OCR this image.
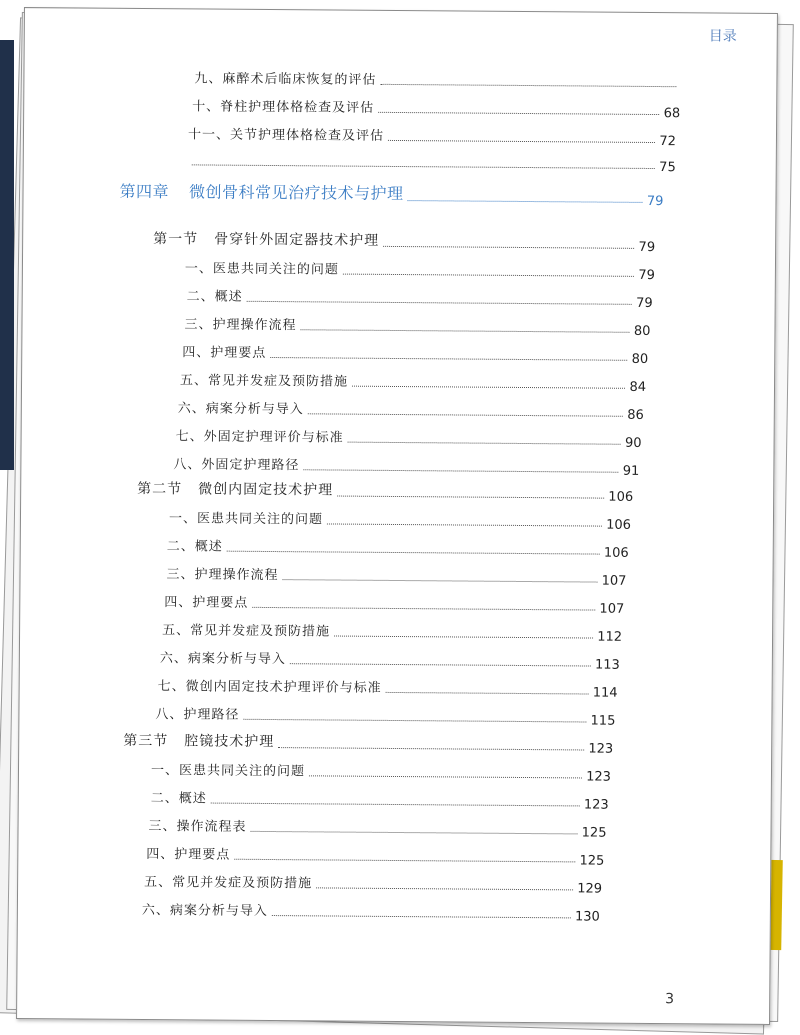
目录
九、麻醉术后临床恢复的评估
十、脊柱护理体格检查及评估	68
十一、关节护理体格检查及评估	72
75
第四章 微创骨科常见治疗技术与护理	79
第一节 骨穿针外固定器技术护理	79
一、医患共同关注的问题	79
二、概述	79
三、护理操作流程	80
四、护理要点	80
五、常见并发症及预防措施	84
六、病案分析与导入	86
七、外固定护理评价与标准	90
八、外固定护理路径	91
第二节 微创内固定技术护理	106
一、医患共同关注的问题	106
二、概述	106
三、护理操作流程	107
四、护理要点	107
五、常见并发症及预防措施	112
六、病案分析与导入	113
七、微创内固定技术护理评价与标准	114
八、护理路径	115
第三节 腔镜技术护理	123
一、医患共同关注的问题	123
二、概述	123
三、操作流程表	125
四、护理要点	125
五、常见并发症及预防措施	129
六、病案分析与导入	130
3
